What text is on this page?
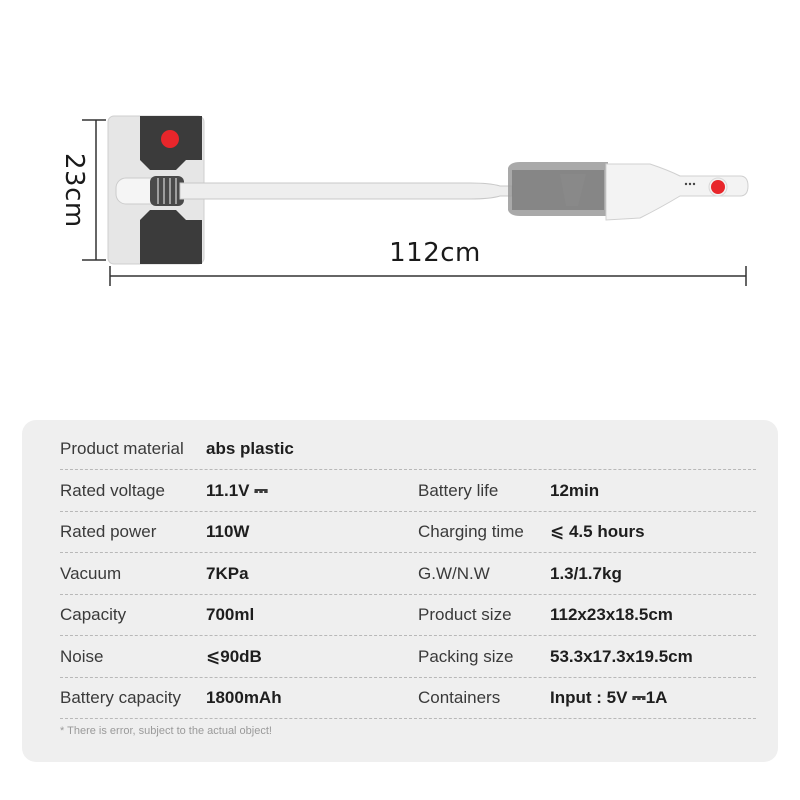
23cm
112cm
Product material abs plastic
Rated voltage 11.1V ⎓	Battery life	12min
Rated power	110W	Charging time ⩽ 4.5 hours
Vacuum	7KPa	G.W/N.W	1.3/1.7kg
Capacity	700ml	Product size 112x23x18.5cm
Noise	⩽90dB	Packing size 53.3x17.3x19.5cm
Battery capacity 1800mAh	Containers	Input : 5V ⎓1A
* There is error, subject to the actual object!
